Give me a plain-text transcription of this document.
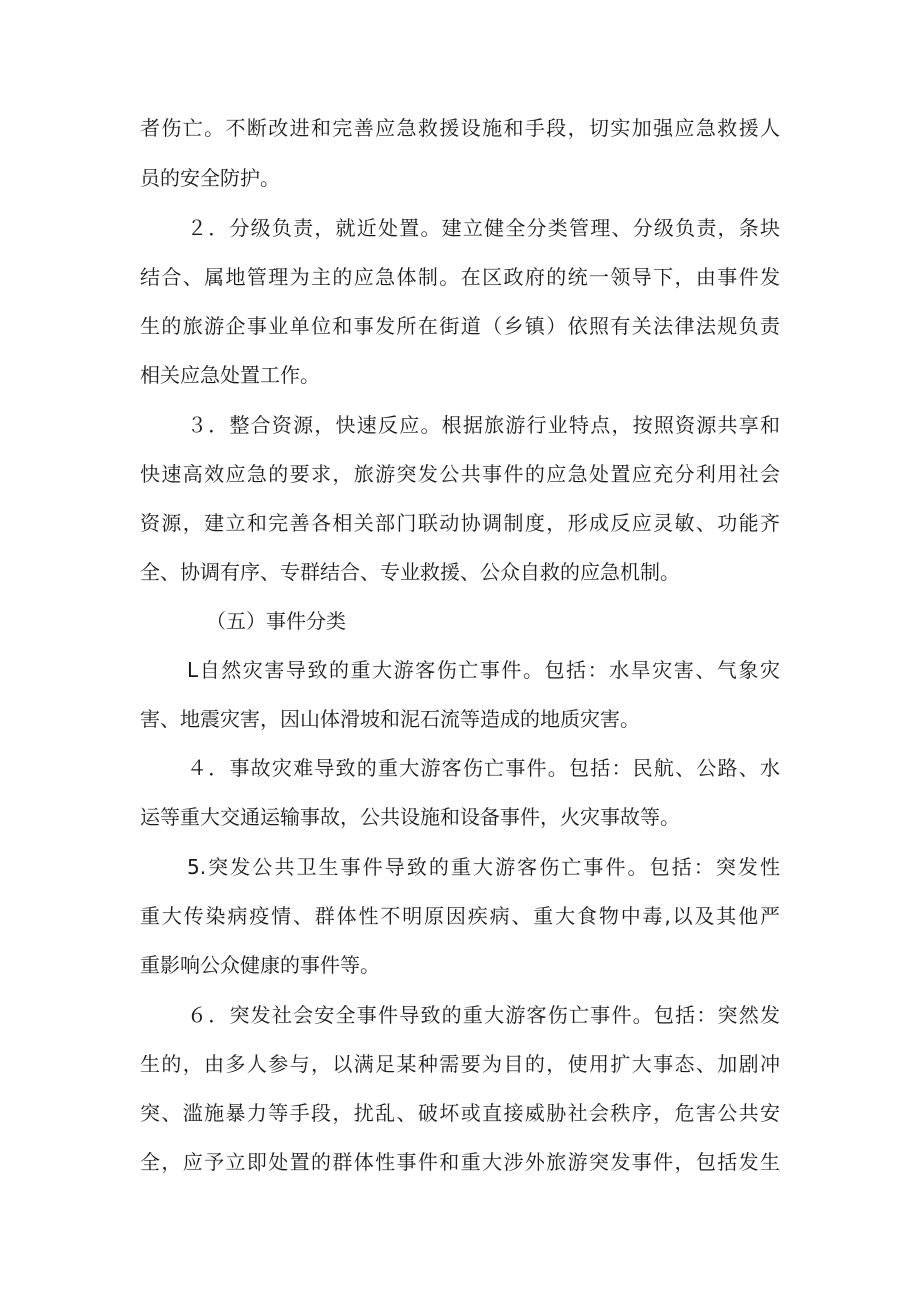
者伤亡。不断改进和完善应急救援设施和手段，切实加强应急救援人
员的安全防护。
２．分级负责，就近处置。建立健全分类管理、分级负责，条块
结合、属地管理为主的应急体制。在区政府的统一领导下，由事件发
生的旅游企事业单位和事发所在街道（乡镇）依照有关法律法规负责
相关应急处置工作。
３．整合资源，快速反应。根据旅游行业特点，按照资源共享和
快速高效应急的要求，旅游突发公共事件的应急处置应充分利用社会
资源，建立和完善各相关部门联动协调制度，形成反应灵敏、功能齐
全、协调有序、专群结合、专业救援、公众自救的应急机制。
（五）事件分类
L自然灾害导致的重大游客伤亡事件。包括：水旱灾害、气象灾
害、地震灾害，因山体滑坡和泥石流等造成的地质灾害。
４．事故灾难导致的重大游客伤亡事件。包括：民航、公路、水
运等重大交通运输事故，公共设施和设备事件，火灾事故等。
5.突发公共卫生事件导致的重大游客伤亡事件。包括：突发性
重大传染病疫情、群体性不明原因疾病、重大食物中毒,以及其他严
重影响公众健康的事件等。
６．突发社会安全事件导致的重大游客伤亡事件。包括：突然发
生的，由多人参与，以满足某种需要为目的，使用扩大事态、加剧冲
突、滥施暴力等手段，扰乱、破坏或直接威胁社会秩序，危害公共安
全，应予立即处置的群体性事件和重大涉外旅游突发事件，包括发生
